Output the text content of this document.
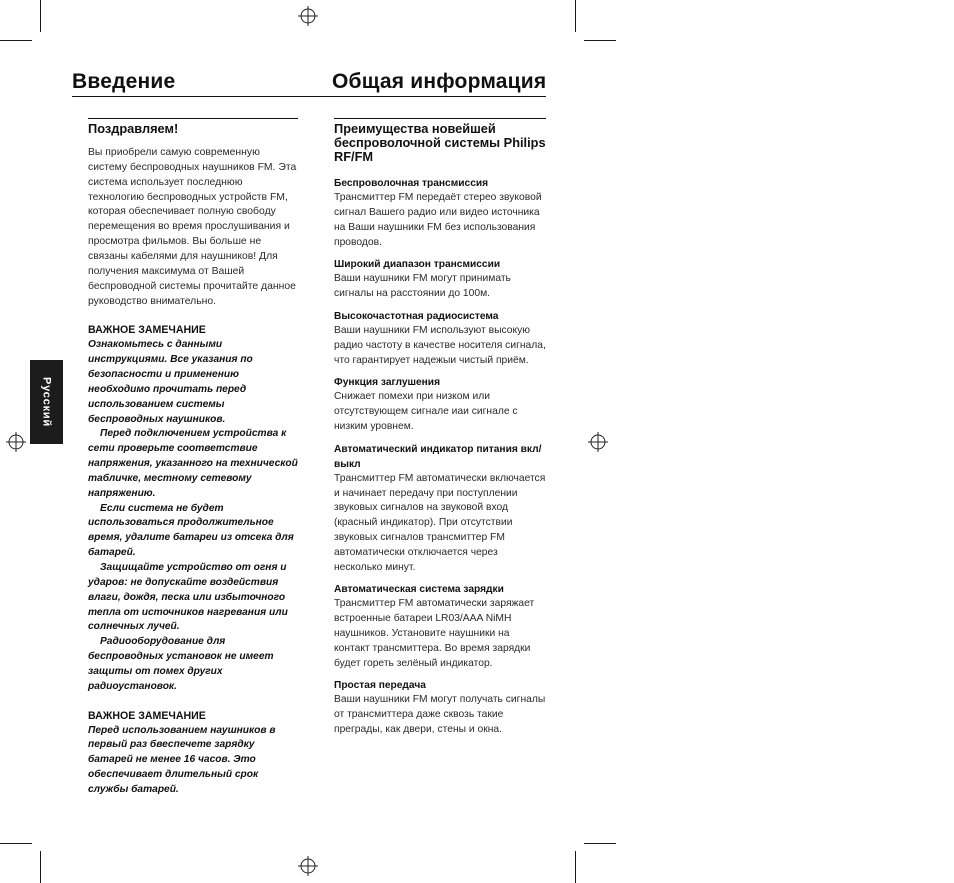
Введение	Общая информация
Русский
Поздравляем!

Вы приобрели самую современную систему беспроводных наушников FM. Эта система использует последнюю технологию беспроводных устройств FM, которая обеспечивает полную свободу перемещения во время прослушивания и просмотра фильмов. Вы больше не связаны кабелями для наушников! Для получения максимума от Вашей беспроводной системы прочитайте данное руководство внимательно.

ВАЖНОЕ ЗАМЕЧАНИЕ

Ознакомьтесь с данными инструкциями. Все указания по безопасности и применению необходимо прочитать перед использованием системы беспроводных наушников.

Перед подключением устройства к сети проверьте соответствие напряжения, указанного на технической табличке, местному сетевому напряжению.

Если система не будет использоваться продолжительное время, удалите батареи из отсека для батарей.

Защищайте устройство от огня и ударов: не допускайте воздействия влаги, дождя, песка или избыточного тепла от источников нагревания или солнечных лучей.

Радиооборудование для беспроводных установок не имеет защиты от помех других радиоустановок.

ВАЖНОЕ ЗАМЕЧАНИЕ

Перед использованием наушников в первый раз бвеспечете зарядку батарей не менее 16 часов. Это обеспечивает длительный срок службы батарей.

Преимущества новейшей беспроволочной системы Philips RF/FM
Беспроволочная трансмиссия

Трансмиттер FM передаёт стерео звуковой сигнал Вашего радио или видео источника на Ваши наушники FM без использования проводов.

Широкий диапазон трансмиссии

Ваши наушники FM могут принимать сигналы на расстоянии до 100м.

Высокочастотная радиосистема

Ваши наушники FM используют высокую радио частоту в качестве носителя сигнала, что гарантирует надежыи чистый приём.

Функция заглушения

Снижает помехи при низком или отсутствующем сигнале иаи сигнале с низким уровнем.

Автоматический индикатор питания вкл/выкл

Трансмиттер FM автоматически включается и начинает передачу при поступлении звуковых сигналов на звуковой вход (красный индикатор). При отсутствии звуковых сигналов трансмиттер FM автоматически отключается через несколько минут.

Автоматическая система зарядки

Трансмиттер FM автоматически заряжает встроенные батареи LR03/AAA NiMH наушников. Установите наушники на контакт трансмиттера. Во время зарядки будет гореть зелёный индикатор.

Простая передача

Ваши наушники FM могут получать сигналы от трансмиттера даже сквозь такие преграды, как двери, стены и окна.
